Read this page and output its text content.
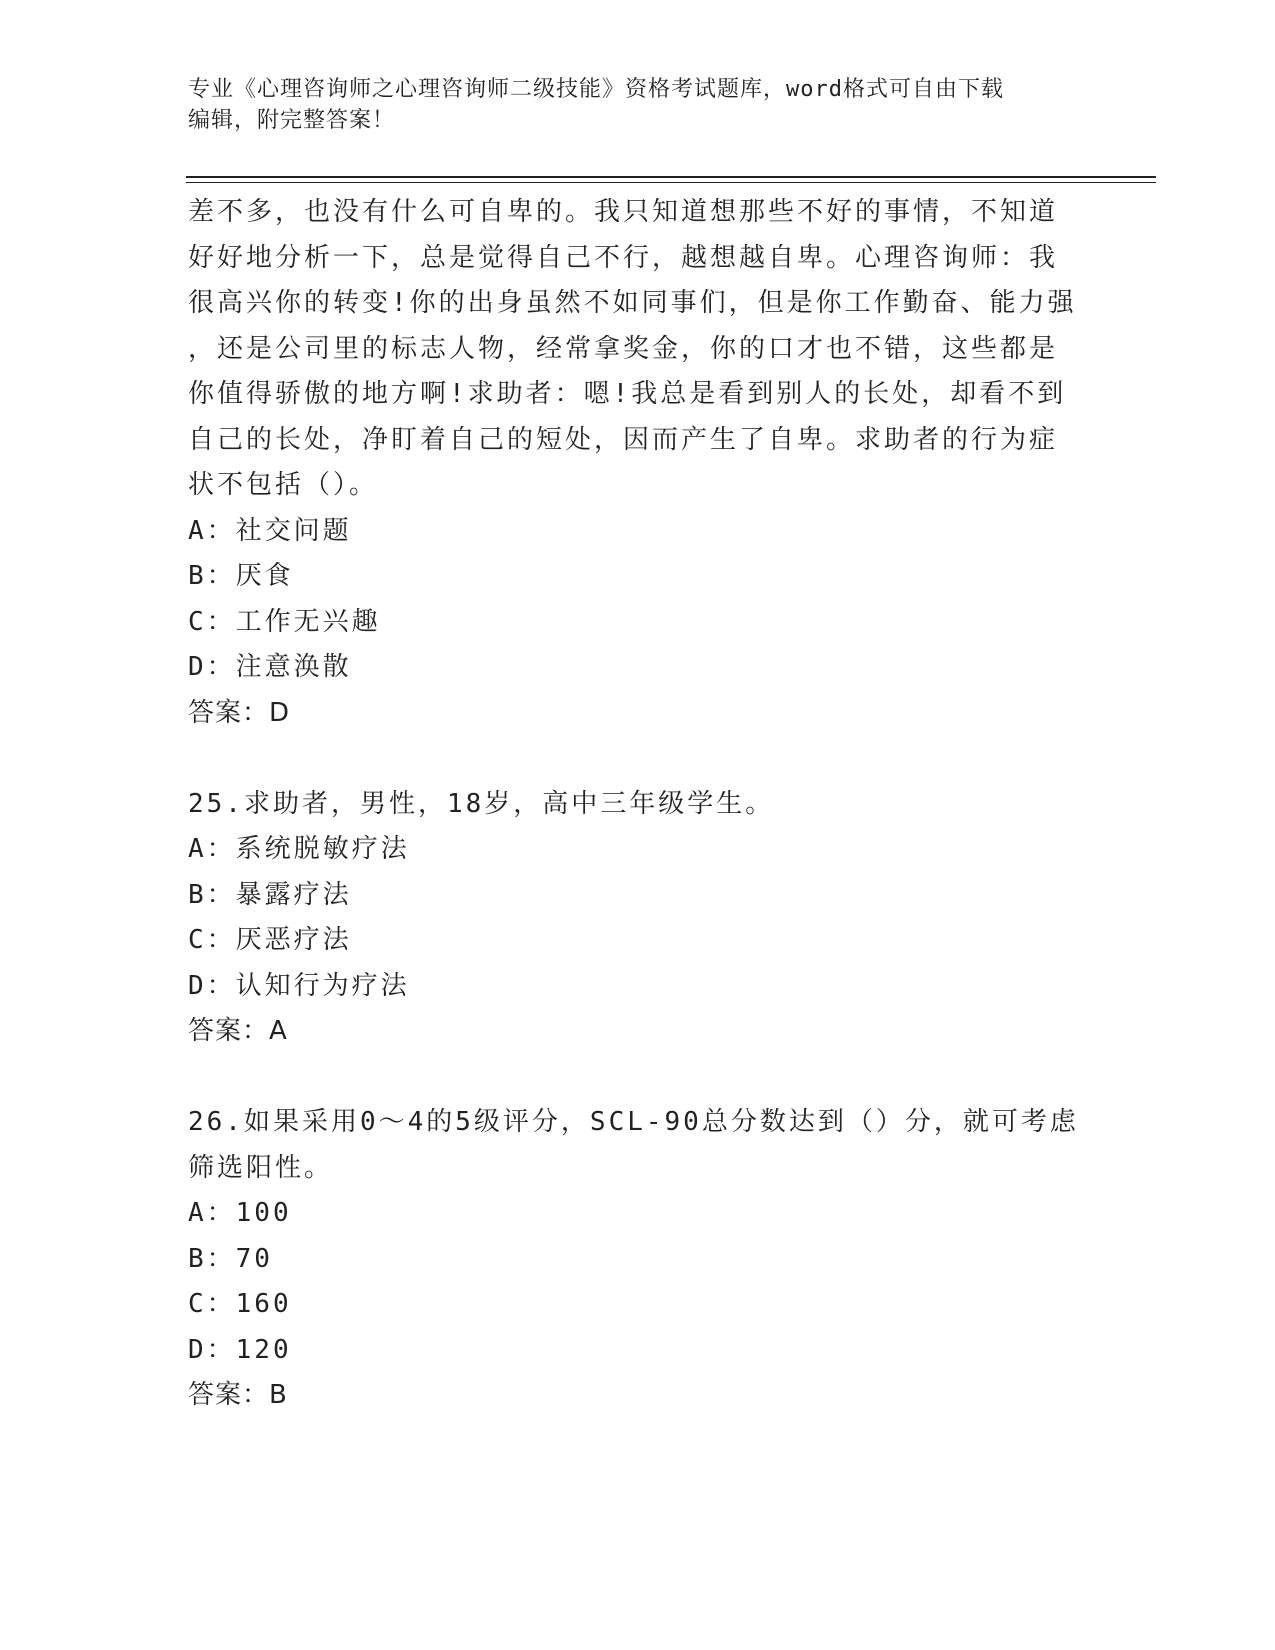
专业《心理咨询师之心理咨询师二级技能》资格考试题库，word格式可自由下载
编辑，附完整答案！
差不多，也没有什么可自卑的。我只知道想那些不好的事情，不知道
好好地分析一下，总是觉得自己不行，越想越自卑。心理咨询师：我
很高兴你的转变!你的出身虽然不如同事们，但是你工作勤奋、能力强
，还是公司里的标志人物，经常拿奖金，你的口才也不错，这些都是
你值得骄傲的地方啊!求助者：嗯!我总是看到别人的长处，却看不到
自己的长处，净盯着自己的短处，因而产生了自卑。求助者的行为症
状不包括（）。
A：社交问题
B：厌食
C：工作无兴趣
D：注意涣散
答案：D
25.求助者，男性，18岁，高中三年级学生。
A：系统脱敏疗法
B：暴露疗法
C：厌恶疗法
D：认知行为疗法
答案：A
26.如果采用0～4的5级评分，SCL-90总分数达到（）分，就可考虑
筛选阳性。
A：100
B：70
C：160
D：120
答案：B
